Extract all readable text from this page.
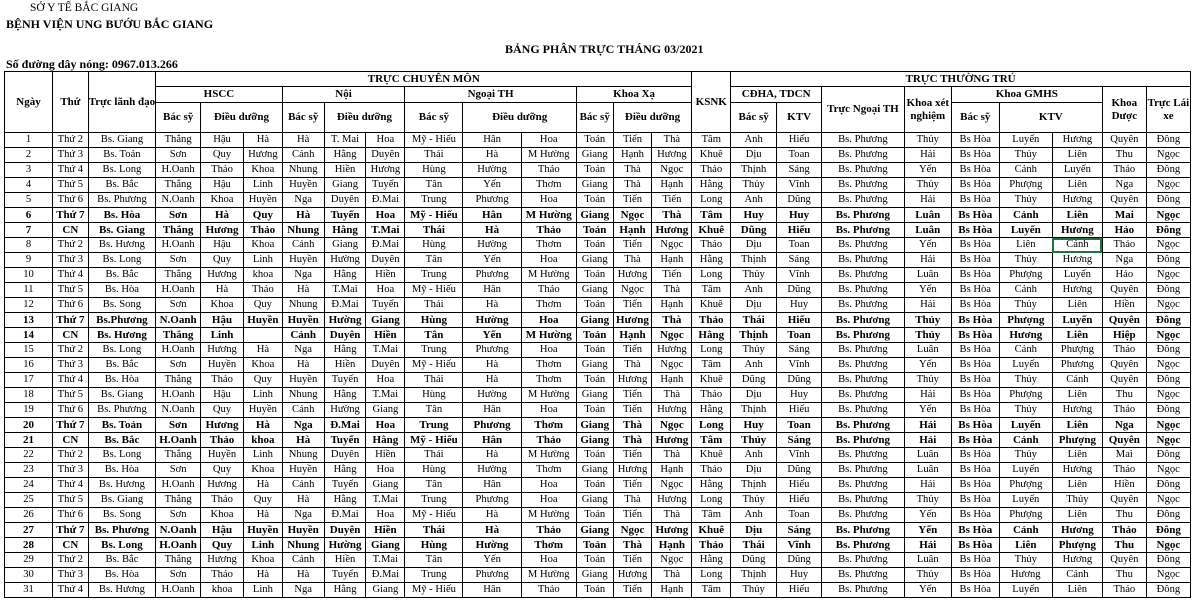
SỞ Y TẾ BẮC GIANG
BỆNH VIỆN UNG BƯỚU BẮC GIANG
BẢNG PHÂN TRỰC THÁNG 03/2021
Số đường dây nóng: 0967.013.266
Ngày	Thứ	Trực lãnh đạo	TRỰC CHUYÊN MÔN												KSNK	TRỰC THƯỜNG TRÚ								
			HSCC			Nội			Ngoại TH			Khoa Xạ				CĐHA, TDCN		Trực Ngoại TH	Khoa xét nghiệm	Khoa GMHS			Khoa Dược	Trực Lái xe
			Bác sỹ	Điều dưỡng		Bác sỹ	Điều dưỡng		Bác sỹ	Điều dưỡng		Bác sỹ	Điều dưỡng			Bác sỹ	KTV			Bác sỹ	KTV			
1	Thứ 2	Bs. Giang	Thắng	Hậu	Hà	Hà	T. Mai	Hoa	Mỹ - Hiếu	Hân	Hoa	Toản	Tiến	Thà	Tâm	Anh	Hiếu	Bs. Phương	Thủy	Bs Hòa	Luyến	Hương	Quyên	Đông
2	Thứ 3	Bs. Toản	Sơn	Quy	Hương	Cảnh	Hằng	Duyên	Thái	Hà	M Hường	Giang	Hạnh	Hương	Khuê	Dịu	Toan	Bs. Phương	Hải	Bs Hòa	Thủy	Liên	Thu	Ngọc
3	Thứ 4	Bs. Long	H.Oanh	Thảo	Khoa	Nhung	Hiền	Hương	Hùng	Hường	Thảo	Toản	Thà	Ngọc	Thảo	Thịnh	Sáng	Bs. Phương	Yến	Bs Hòa	Cảnh	Luyến	Thảo	Đông
4	Thứ 5	Bs. Bắc	Thắng	Hậu	Linh	Huyền	Giang	Tuyến	Tân	Yến	Thơm	Giang	Thà	Hạnh	Hằng	Thủy	Vĩnh	Bs. Phương	Thủy	Bs Hòa	Phượng	Liên	Nga	Ngọc
5	Thứ 6	Bs. Phương	N.Oanh	Khoa	Huyền	Nga	Duyên	Đ.Mai	Trung	Phương	Hoa	Toản	Tiến	Tiến	Long	Anh	Dũng	Bs. Phương	Hải	Bs Hòa	Thủy	Hương	Quyên	Đông
6	Thứ 7	Bs. Hòa	Sơn	Hà	Quy	Hà	Tuyến	Hoa	Mỹ - Hiếu	Hân	M Hường	Giang	Ngọc	Thà	Tâm	Huy	Huy	Bs. Phương	Luân	Bs Hòa	Cảnh	Liên	Mai	Ngọc
7	CN	Bs. Giang	Thắng	Hương	Thảo	Nhung	Hằng	T.Mai	Thái	Hà	Thảo	Toản	Hạnh	Hương	Khuê	Dũng	Hiếu	Bs. Phương	Luân	Bs Hòa	Luyến	Hương	Hảo	Đông
8	Thứ 2	Bs. Hương	H.Oanh	Hậu	Khoa	Cảnh	Giang	Đ.Mai	Hùng	Hường	Thơm	Toản	Tiến	Ngọc	Thảo	Dịu	Toan	Bs. Phương	Yến	Bs Hòa	Liên	Cảnh	Thảo	Ngọc
9	Thứ 3	Bs. Long	Sơn	Quy	Linh	Huyền	Hường	Duyên	Tân	Yến	Hoa	Giang	Thà	Hạnh	Hằng	Thịnh	Sáng	Bs. Phương	Hải	Bs Hòa	Thủy	Hương	Nga	Đông
10	Thứ 4	Bs. Bắc	Thắng	Hương	khoa	Nga	Hằng	Hiền	Trung	Phương	M Hường	Toản	Hương	Tiến	Long	Thủy	Vĩnh	Bs. Phương	Luân	Bs Hòa	Phượng	Luyến	Hảo	Ngọc
11	Thứ 5	Bs. Hòa	H.Oanh	Hà	Thảo	Hà	T.Mai	Hoa	Mỹ - Hiếu	Hân	Thảo	Giang	Ngọc	Thà	Tâm	Anh	Dũng	Bs. Phương	Yến	Bs Hòa	Cảnh	Hương	Quyên	Đông
12	Thứ 6	Bs. Song	Sơn	Khoa	Quy	Nhung	Đ.Mai	Tuyến	Thái	Hà	Thơm	Toản	Tiến	Hạnh	Khuê	Dịu	Huy	Bs. Phương	Hải	Bs Hòa	Thủy	Liên	Hiền	Ngọc
13	Thứ 7	Bs.Phương	N.Oanh	Hậu	Huyền	Huyền	Hường	Giang	Hùng	Hường	Hoa	Giang	Hương	Thà	Thảo	Thái	Hiếu	Bs. Phương	Thủy	Bs Hòa	Phượng	Luyến	Quyên	Đông
14	CN	Bs. Hương	Thắng	Linh		Cảnh	Duyên	Hiền	Tân	Yến	M Hường	Toản	Hạnh	Ngọc	Hằng	Thịnh	Toan	Bs. Phương	Thủy	Bs Hòa	Hương	Liên	Hiệp	Ngọc
15	Thứ 2	Bs. Long	H.Oanh	Hương	Hà	Nga	Hằng	T.Mai	Trung	Phương	Hoa	Toản	Tiến	Hương	Long	Thủy	Sáng	Bs. Phương	Luân	Bs Hòa	Cảnh	Phượng	Thảo	Đông
16	Thứ 3	Bs. Bắc	Sơn	Huyền	Khoa	Hà	Hiền	Duyên	Mỹ - Hiếu	Hà	Thơm	Giang	Thà	Ngọc	Tâm	Anh	Vĩnh	Bs. Phương	Yến	Bs Hòa	Luyến	Phương	Quyên	Ngọc
17	Thứ 4	Bs. Hòa	Thắng	Thảo	Quy	Huyền	Tuyến	Hoa	Thái	Hà	Thơm	Toản	Hương	Hạnh	Khuê	Dũng	Dũng	Bs. Phương	Thủy	Bs Hòa	Thủy	Cảnh	Quyên	Đông
18	Thứ 5	Bs. Giang	H.Oanh	Hậu	Linh	Nhung	Hằng	T.Mai	Hùng	Hường	M Hường	Giang	Tiến	Thà	Thảo	Dịu	Huy	Bs. Phương	Hải	Bs Hòa	Phượng	Liên	Thu	Ngọc
19	Thứ 6	Bs. Phương	N.Oanh	Quy	Huyền	Cảnh	Hường	Giang	Tân	Hân	Hoa	Toản	Tiến	Hương	Hằng	Thịnh	Hiếu	Bs. Phương	Yến	Bs Hòa	Thủy	Hương	Thảo	Đông
20	Thứ 7	Bs. Toản	Sơn	Hương	Hà	Nga	Đ.Mai	Hoa	Trung	Phương	Thơm	Giang	Thà	Ngọc	Long	Huy	Toan	Bs. Phương	Hải	Bs Hòa	Luyến	Liên	Nga	Ngọc
21	CN	Bs. Bắc	H.Oanh	Thảo	khoa	Hà	Tuyến	Hằng	Mỹ - Hiếu	Hân	Thảo	Giang	Thà	Hương	Tâm	Thủy	Sáng	Bs. Phương	Hải	Bs Hòa	Cảnh	Phượng	Quyên	Ngọc
22	Thứ 2	Bs. Long	Thắng	Huyền	Linh	Nhung	Duyên	Hiền	Thái	Hà	M Hường	Toản	Tiến	Thà	Khuê	Anh	Vĩnh	Bs. Phương	Luân	Bs Hòa	Thủy	Liên	Mai	Đông
23	Thứ 3	Bs. Hòa	Sơn	Quy	Khoa	Huyền	Hằng	Hoa	Hùng	Hường	Thơm	Giang	Hương	Hạnh	Thảo	Dịu	Dũng	Bs. Phương	Luân	Bs Hòa	Luyến	Hương	Thảo	Ngọc
24	Thứ 4	Bs. Hương	H.Oanh	Hương	Hà	Cảnh	Tuyến	Giang	Tân	Hân	Hoa	Toản	Tiến	Ngọc	Hằng	Thịnh	Hiếu	Bs. Phương	Hải	Bs Hòa	Phượng	Liên	Hiền	Đông
25	Thứ 5	Bs. Giang	Thắng	Thảo	Quy	Hà	Hằng	T.Mai	Trung	Phương	Hoa	Giang	Thà	Hương	Long	Thủy	Hiếu	Bs. Phương	Thủy	Bs Hòa	Luyến	Thủy	Quyên	Ngọc
26	Thứ 6	Bs. Song	Sơn	Khoa	Hà	Nga	Đ.Mai	Hoa	Mỹ - Hiếu	Hà	M Hường	Toản	Tiến	Thà	Tâm	Anh	Toan	Bs. Phương	Yến	Bs Hòa	Phượng	Liên	Thu	Đông
27	Thứ 7	Bs. Phương	N.Oanh	Hậu	Huyền	Huyền	Duyên	Hiền	Thái	Hà	Thảo	Giang	Ngọc	Hương	Khuê	Dịu	Sáng	Bs. Phương	Yến	Bs Hòa	Cảnh	Hương	Thảo	Đông
28	CN	Bs. Long	H.Oanh	Quy	Linh	Nhung	Hường	Giang	Hùng	Hường	Thơm	Toản	Thà	Hạnh	Thảo	Thái	Vĩnh	Bs. Phương	Hải	Bs Hòa	Liên	Phượng	Thu	Ngọc
29	Thứ 2	Bs. Bắc	Thắng	Hương	Khoa	Cảnh	Hiền	T.Mai	Tân	Yến	Hoa	Toản	Tiến	Ngọc	Hằng	Dũng	Dũng	Bs. Phương	Luân	Bs Hòa	Thủy	Hương	Quyên	Đông
30	Thứ 3	Bs. Hòa	Sơn	Thảo	Hà	Hà	Tuyến	Đ.Mai	Trung	Phương	M Hường	Giang	Hương	Thà	Long	Thịnh	Huy	Bs. Phương	Thủy	Bs Hòa	Hương	Cảnh	Thu	Ngọc
31	Thứ 4	Bs. Hương	H.Oanh	khoa	Linh	Nga	Hằng	Giang	Mỹ - Hiếu	Hân	Thảo	Toản	Tiến	Hạnh	Tâm	Thủy	Hiếu	Bs. Phương	Yến	Bs Hòa	Luyến	Liên	Thảo	Đông
